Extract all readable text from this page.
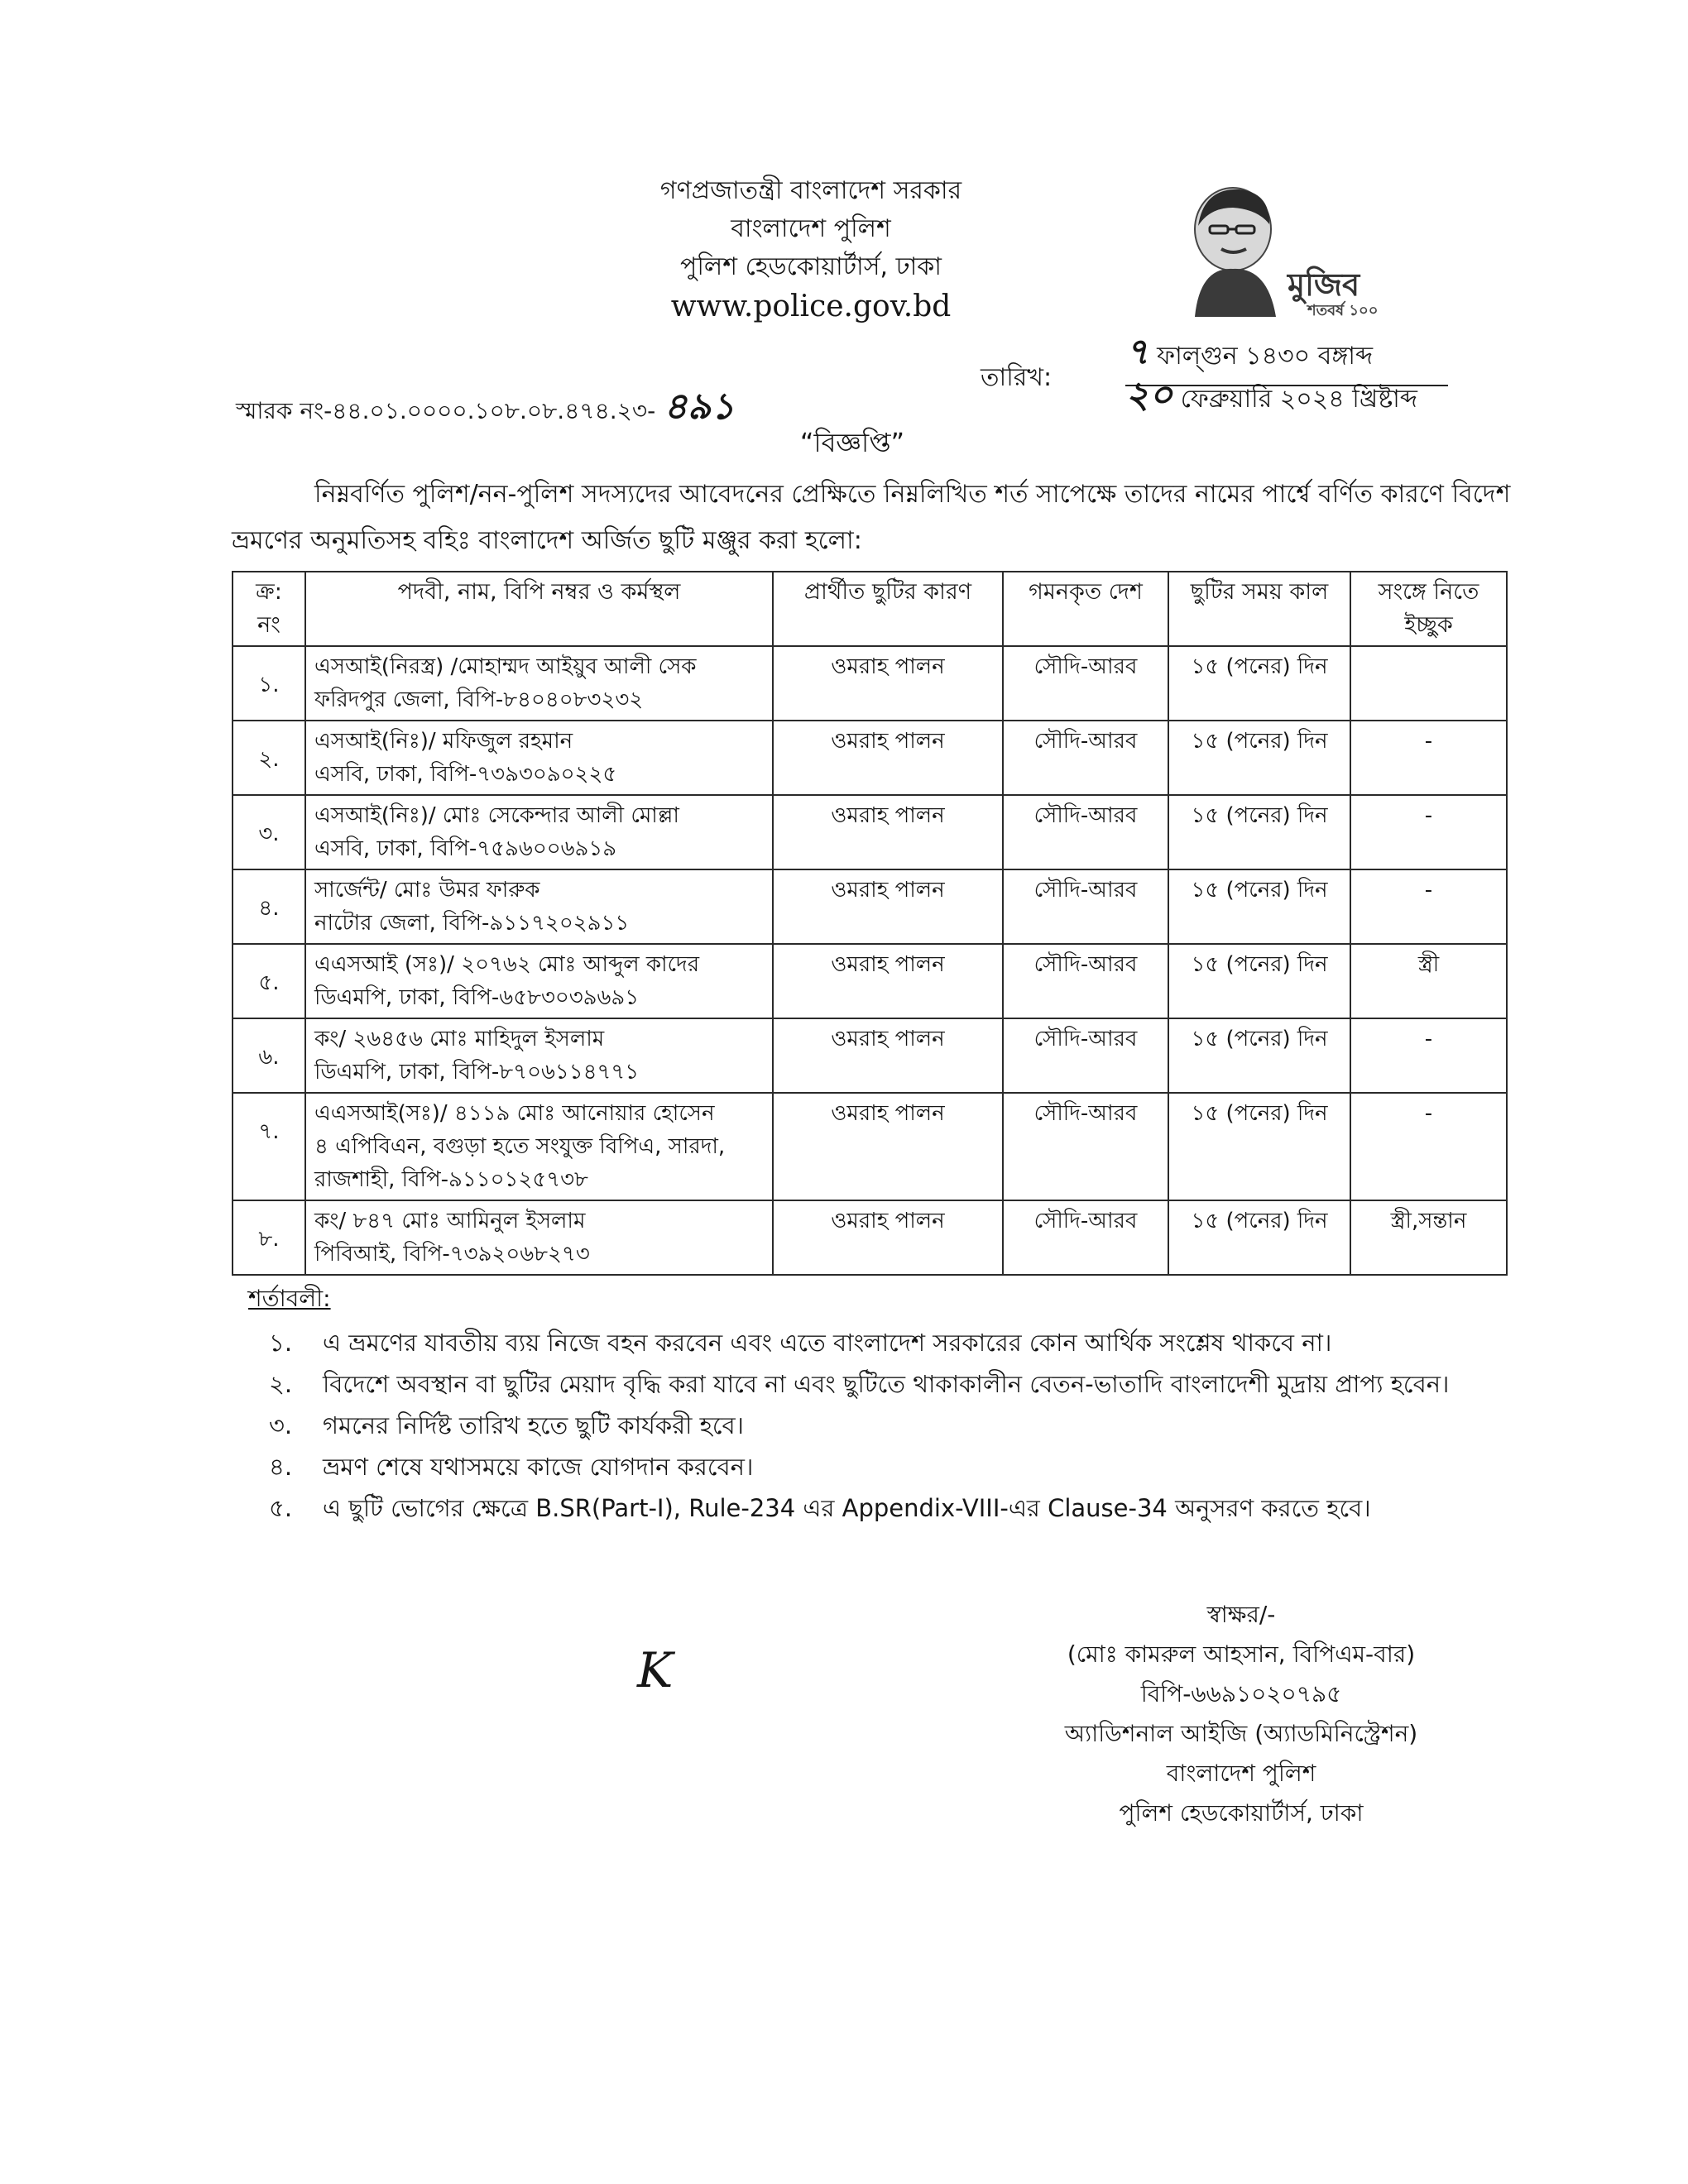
গণপ্রজাতন্ত্রী বাংলাদেশ সরকার
বাংলাদেশ পুলিশ
পুলিশ হেডকোয়ার্টার্স, ঢাকা
www.police.gov.bd
মুজিব
শতবর্ষ ১০০
তারিখ:
৭ ফাল্গুন ১৪৩০ বঙ্গাব্দ
২০ ফেব্রুয়ারি ২০২৪ খ্রিষ্টাব্দ
স্মারক নং-৪৪.০১.০০০০.১০৮.০৮.৪৭৪.২৩- ৪৯১
“বিজ্ঞপ্তি”
নিম্নবর্ণিত পুলিশ/নন-পুলিশ সদস্যদের আবেদনের প্রেক্ষিতে নিম্নলিখিত শর্ত সাপেক্ষে তাদের নামের পার্শ্বে বর্ণিত কারণে বিদেশ
ভ্রমণের অনুমতিসহ বহিঃ বাংলাদেশ অর্জিত ছুটি মঞ্জুর করা হলো:
ক্র: নং	পদবী, নাম, বিপি নম্বর ও কর্মস্থল	প্রার্থীত ছুটির কারণ	গমনকৃত দেশ	ছুটির সময় কাল	সংঙ্গে নিতে ইচ্ছুক
১.	এসআই(নিরস্ত্র) /মোহাম্মদ আইয়ুব আলী সেক
ফরিদপুর জেলা, বিপি-৮৪০৪০৮৩২৩২	ওমরাহ পালন	সৌদি-আরব	১৫ (পনের) দিন	
২.	এসআই(নিঃ)/ মফিজুল রহমান
এসবি, ঢাকা, বিপি-৭৩৯৩০৯০২২৫	ওমরাহ পালন	সৌদি-আরব	১৫ (পনের) দিন	-
৩.	এসআই(নিঃ)/ মোঃ সেকেন্দার আলী মোল্লা
এসবি, ঢাকা, বিপি-৭৫৯৬০০৬৯১৯	ওমরাহ পালন	সৌদি-আরব	১৫ (পনের) দিন	-
৪.	সার্জেন্ট/ মোঃ উমর ফারুক
নাটোর জেলা, বিপি-৯১১৭২০২৯১১	ওমরাহ পালন	সৌদি-আরব	১৫ (পনের) দিন	-
৫.	এএসআই (সঃ)/ ২০৭৬২ মোঃ আব্দুল কাদের
ডিএমপি, ঢাকা, বিপি-৬৫৮৩০৩৯৬৯১	ওমরাহ পালন	সৌদি-আরব	১৫ (পনের) দিন	স্ত্রী
৬.	কং/ ২৬৪৫৬ মোঃ মাহিদুল ইসলাম
ডিএমপি, ঢাকা, বিপি-৮৭০৬১১৪৭৭১	ওমরাহ পালন	সৌদি-আরব	১৫ (পনের) দিন	-
৭.	এএসআই(সঃ)/ ৪১১৯ মোঃ আনোয়ার হোসেন
৪ এপিবিএন, বগুড়া হতে সংযুক্ত বিপিএ, সারদা,
রাজশাহী, বিপি-৯১১০১২৫৭৩৮	ওমরাহ পালন	সৌদি-আরব	১৫ (পনের) দিন	-
৮.	কং/ ৮৪৭ মোঃ আমিনুল ইসলাম
পিবিআই, বিপি-৭৩৯২০৬৮২৭৩	ওমরাহ পালন	সৌদি-আরব	১৫ (পনের) দিন	স্ত্রী,সন্তান
শর্তাবলী:
১.	এ ভ্রমণের যাবতীয় ব্যয় নিজে বহন করবেন এবং এতে বাংলাদেশ সরকারের কোন আর্থিক সংশ্লেষ থাকবে না।
২.	বিদেশে অবস্থান বা ছুটির মেয়াদ বৃদ্ধি করা যাবে না এবং ছুটিতে থাকাকালীন বেতন-ভাতাদি বাংলাদেশী মুদ্রায় প্রাপ্য হবেন।
৩.	গমনের নির্দিষ্ট তারিখ হতে ছুটি কার্যকরী হবে।
৪.	ভ্রমণ শেষে যথাসময়ে কাজে যোগদান করবেন।
৫.	এ ছুটি ভোগের ক্ষেত্রে B.SR(Part-I), Rule-234 এর Appendix-VIII-এর Clause-34 অনুসরণ করতে হবে।
K
স্বাক্ষর/-
(মোঃ কামরুল আহসান, বিপিএম-বার)
বিপি-৬৬৯১০২০৭৯৫
অ্যাডিশনাল আইজি (অ্যাডমিনিস্ট্রেশন)
বাংলাদেশ পুলিশ
পুলিশ হেডকোয়ার্টার্স, ঢাকা
